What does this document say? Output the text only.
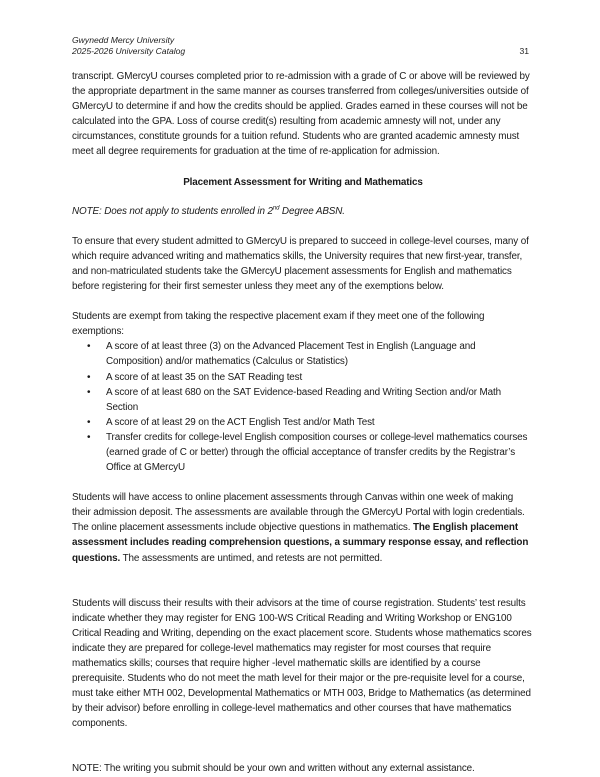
Gwynedd Mercy University
2025-2026 University Catalog	31

transcript. GMercyU courses completed prior to re-admission with a grade of C or above will be reviewed by the appropriate department in the same manner as courses transferred from colleges/universities outside of GMercyU to determine if and how the credits should be applied. Grades earned in these courses will not be calculated into the GPA. Loss of course credit(s) resulting from academic amnesty will not, under any circumstances, constitute grounds for a tuition refund. Students who are granted academic amnesty must meet all degree requirements for graduation at the time of re-application for admission.

Placement Assessment for Writing and Mathematics

NOTE: Does not apply to students enrolled in 2nd Degree ABSN.

To ensure that every student admitted to GMercyU is prepared to succeed in college-level courses, many of which require advanced writing and mathematics skills, the University requires that new first-year, transfer, and non-matriculated students take the GMercyU placement assessments for English and mathematics before registering for their first semester unless they meet any of the exemptions below.

Students are exempt from taking the respective placement exam if they meet one of the following exemptions:

• A score of at least three (3) on the Advanced Placement Test in English (Language and Composition) and/or mathematics (Calculus or Statistics)
• A score of at least 35 on the SAT Reading test
• A score of at least 680 on the SAT Evidence-based Reading and Writing Section and/or Math Section
• A score of at least 29 on the ACT English Test and/or Math Test
• Transfer credits for college-level English composition courses or college-level mathematics courses (earned grade of C or better) through the official acceptance of transfer credits by the Registrar’s Office at GMercyU

Students will have access to online placement assessments through Canvas within one week of making their admission deposit. The assessments are available through the GMercyU Portal with login credentials. The online placement assessments include objective questions in mathematics. The English placement assessment includes reading comprehension questions, a summary response essay, and reflection questions. The assessments are untimed, and retests are not permitted.

Students will discuss their results with their advisors at the time of course registration. Students’ test results indicate whether they may register for ENG 100-WS Critical Reading and Writing Workshop or ENG100 Critical Reading and Writing, depending on the exact placement score. Students whose mathematics scores indicate they are prepared for college-level mathematics may register for most courses that require mathematics skills; courses that require higher -level mathematic skills are identified by a course prerequisite. Students who do not meet the math level for their major or the pre-requisite level for a course, must take either MTH 002, Developmental Mathematics or MTH 003, Bridge to Mathematics (as determined by their advisor) before enrolling in college-level mathematics and other courses that have mathematics components.

NOTE: The writing you submit should be your own and written without any external assistance.
